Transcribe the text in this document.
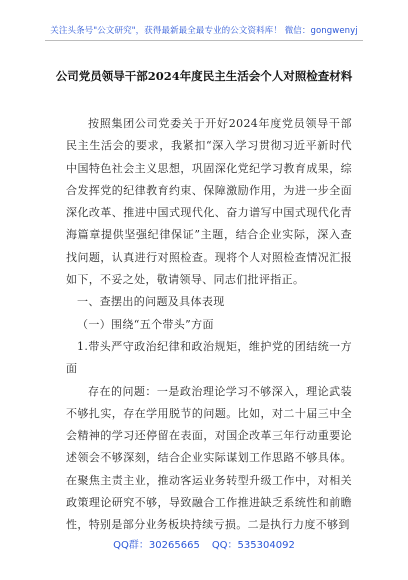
关注头条号"公文研究"，获得最新最全最专业的公文资料库！ 微信：gongwenyj
公司党员领导干部2024年度民主生活会个人对照检查材料

按照集团公司党委关于开好2024年度党员领导干部民主生活会的要求，我紧扣“深入学习贯彻习近平新时代中国特色社会主义思想，巩固深化党纪学习教育成果，综合发挥党的纪律教育约束、保障激励作用，为进一步全面深化改革、推进中国式现代化、奋力谱写中国式现代化青海篇章提供坚强纪律保证”主题，结合企业实际，深入查找问题，认真进行对照检查。现将个人对照检查情况汇报如下，不妥之处，敬请领导、同志们批评指正。

一、查摆出的问题及具体表现

（一）围绕“五个带头”方面

1.带头严守政治纪律和政治规矩，维护党的团结统一方面

存在的问题：一是政治理论学习不够深入，理论武装不够扎实，存在学用脱节的问题。比如，对二十届三中全会精神的学习还停留在表面，对国企改革三年行动重要论述领会不够深刻，结合企业实际谋划工作思路不够具体。在聚焦主责主业，推动客运业务转型升级工作中，对相关政策理论研究不够，导致融合工作推进缺乏系统性和前瞻性，特别是部分业务板块持续亏损。二是执行力度不够到

QQ群：30265665 QQ：535304092
